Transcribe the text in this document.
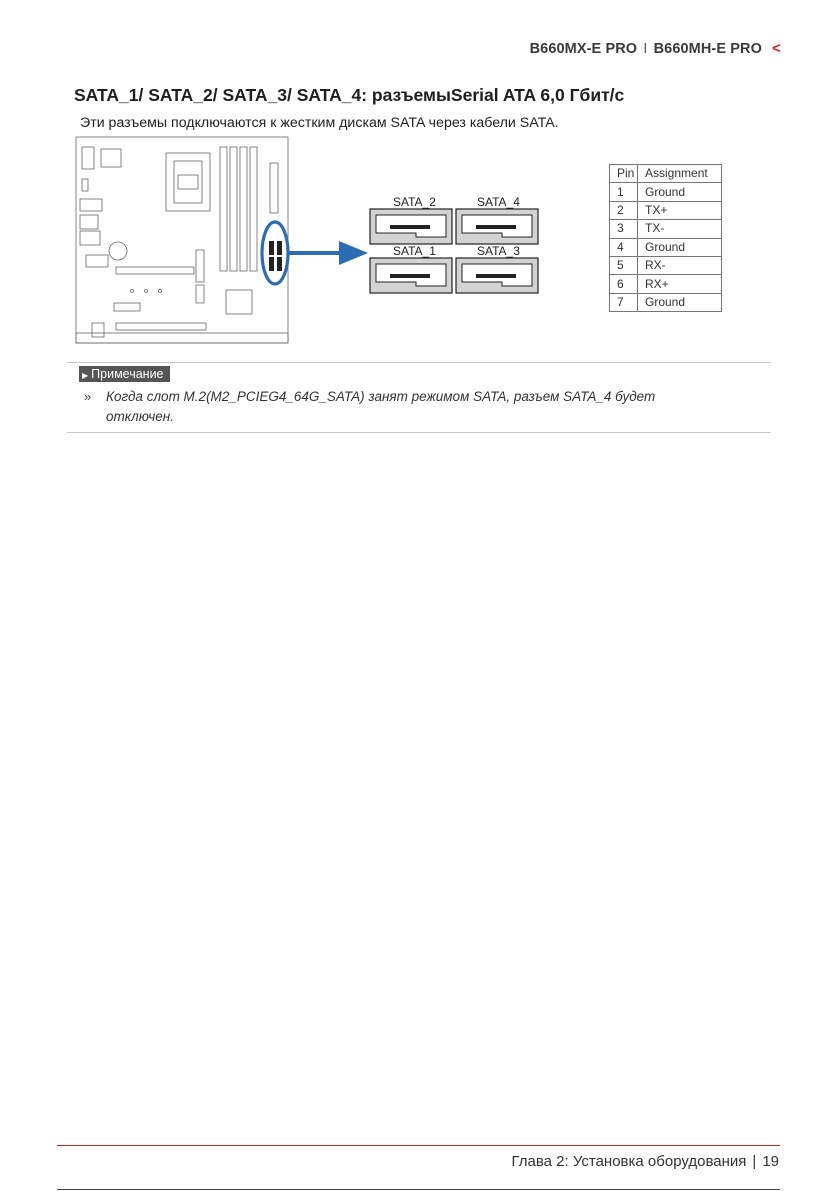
B660MX-E PRO I B660MH-E PRO <
SATA_1/ SATA_2/ SATA_3/ SATA_4: разъемыSerial ATA 6,0 Гбит/с
Эти разъемы подключаются к жестким дискам SATA через кабели SATA.
SATA_2	SATA_4
SATA_1	SATA_3
Pin	Assignment
1	Ground
2	TX+
3	TX-
4	Ground
5	RX-
6	RX+
7	Ground
▶ Примечание
» Когда слот M.2(M2_PCIEG4_64G_SATA) занят режимом SATA, разъем SATA_4 будет отключен.
Глава 2: Установка оборудования | 19
